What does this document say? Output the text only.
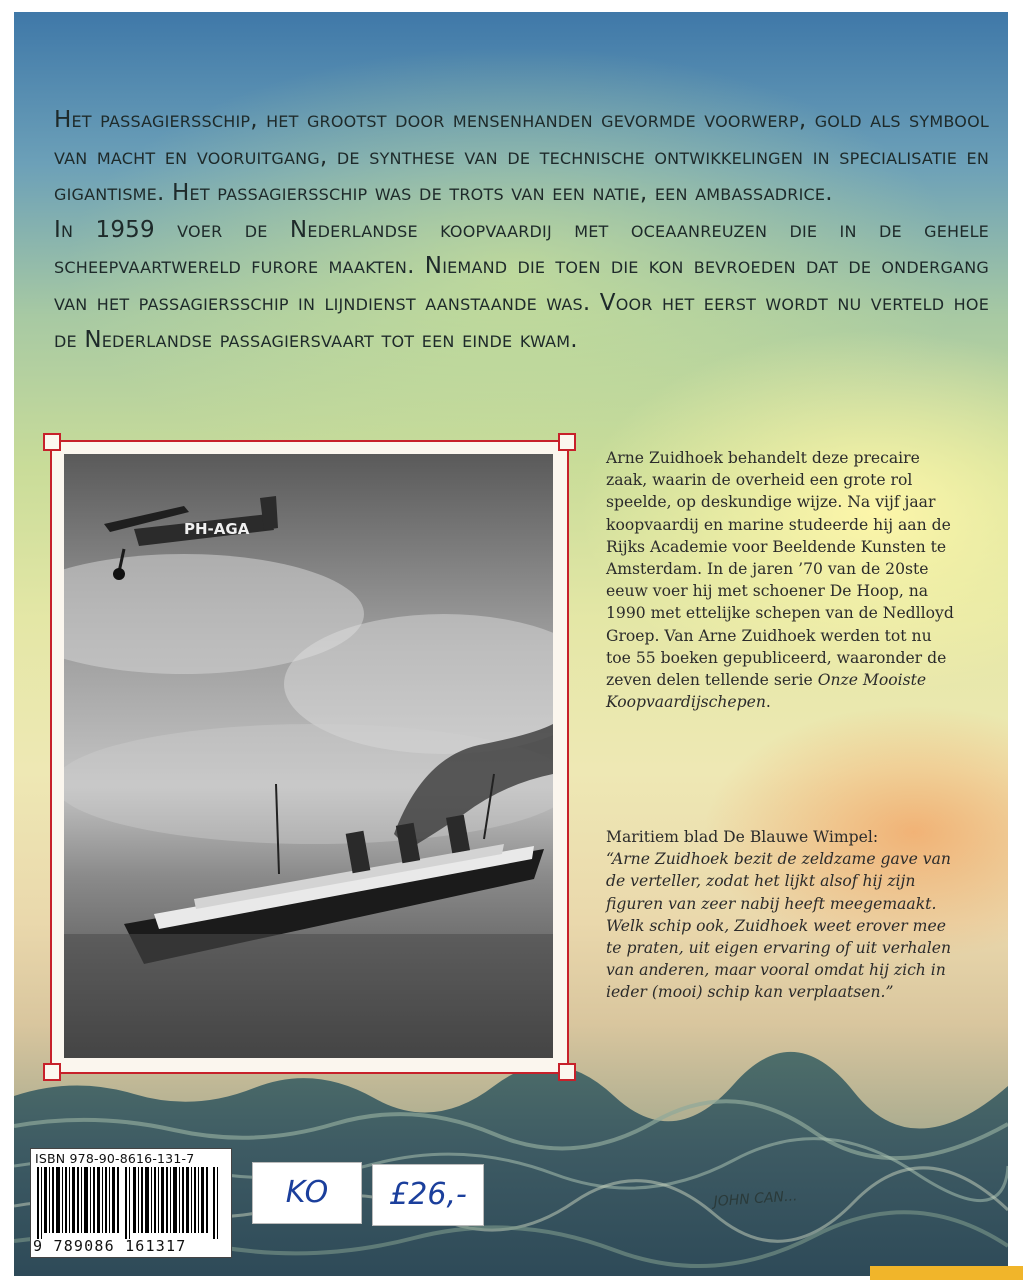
JOHN CAN...

Het passagiersschip, het grootst door mensenhanden gevormde voorwerp, gold als symbool van macht en vooruitgang, de synthese van de technische ontwikkelingen in specialisatie en gigantisme. Het passagiersschip was de trots van een natie, een ambassadrice.

In 1959 voer de Nederlandse koopvaardij met oceaanreuzen die in de gehele scheepvaartwereld furore maakten. Niemand die toen die kon bevroeden dat de ondergang van het passagiersschip in lijndienst aanstaande was. Voor het eerst wordt nu verteld hoe de Nederlandse passagiersvaart tot een einde kwam.

PH-AGA

Arne Zuidhoek behandelt deze precaire zaak, waarin de overheid een grote rol speelde, op deskundige wijze. Na vijf jaar koopvaardij en marine studeerde hij aan de Rijks Academie voor Beeldende Kunsten te Amsterdam. In de jaren ’70 van de 20ste eeuw voer hij met schoener De Hoop, na 1990 met ettelijke schepen van de Nedlloyd Groep. Van Arne Zuidhoek werden tot nu toe 55 boeken gepubliceerd, waaronder de zeven delen tellende serie Onze Mooiste Koopvaardijschepen.

Maritiem blad De Blauwe Wimpel:
“Arne Zuidhoek bezit de zeldzame gave van de verteller, zodat het lijkt alsof hij zijn figuren van zeer nabij heeft meegemaakt. Welk schip ook, Zuidhoek weet erover mee te praten, uit eigen ervaring of uit verhalen van anderen, maar vooral omdat hij zich in ieder (mooi) schip kan verplaatsen.”
ISBN 978-90-8616-131-7
9 789086 161317
KO	£26,-
